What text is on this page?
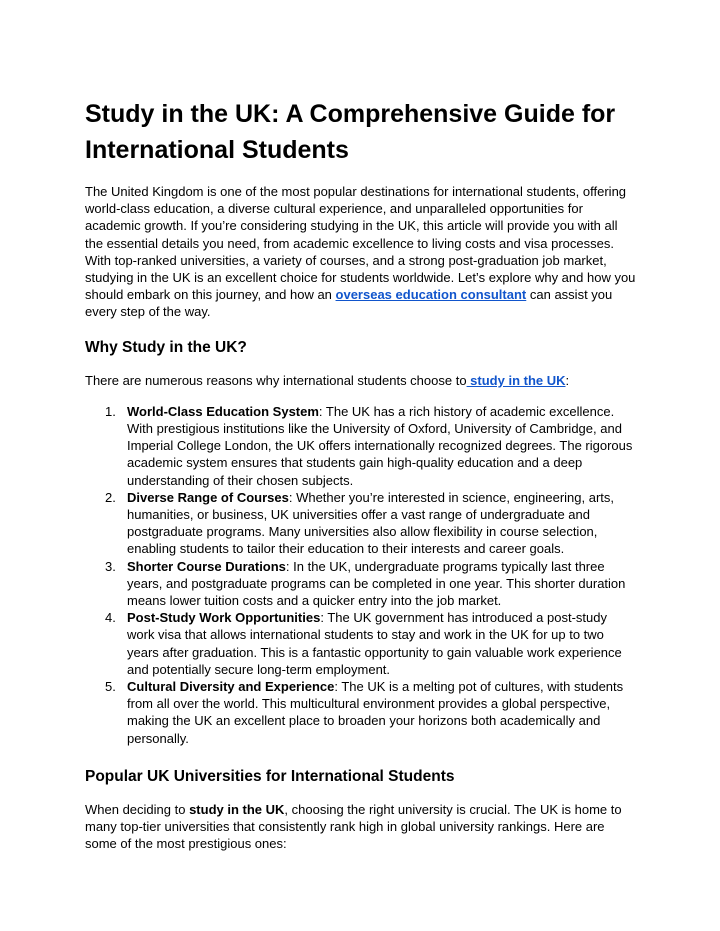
Study in the UK: A Comprehensive Guide for International Students

The United Kingdom is one of the most popular destinations for international students, offering world-class education, a diverse cultural experience, and unparalleled opportunities for academic growth. If you’re considering studying in the UK, this article will provide you with all the essential details you need, from academic excellence to living costs and visa processes. With top-ranked universities, a variety of courses, and a strong post-graduation job market, studying in the UK is an excellent choice for students worldwide. Let’s explore why and how you should embark on this journey, and how an overseas education consultant can assist you every step of the way.

Why Study in the UK?

There are numerous reasons why international students choose to study in the UK:

1. World-Class Education System: The UK has a rich history of academic excellence. With prestigious institutions like the University of Oxford, University of Cambridge, and Imperial College London, the UK offers internationally recognized degrees. The rigorous academic system ensures that students gain high-quality education and a deep understanding of their chosen subjects.
2. Diverse Range of Courses: Whether you’re interested in science, engineering, arts, humanities, or business, UK universities offer a vast range of undergraduate and postgraduate programs. Many universities also allow flexibility in course selection, enabling students to tailor their education to their interests and career goals.
3. Shorter Course Durations: In the UK, undergraduate programs typically last three years, and postgraduate programs can be completed in one year. This shorter duration means lower tuition costs and a quicker entry into the job market.
4. Post-Study Work Opportunities: The UK government has introduced a post-study work visa that allows international students to stay and work in the UK for up to two years after graduation. This is a fantastic opportunity to gain valuable work experience and potentially secure long-term employment.
5. Cultural Diversity and Experience: The UK is a melting pot of cultures, with students from all over the world. This multicultural environment provides a global perspective, making the UK an excellent place to broaden your horizons both academically and personally.
Popular UK Universities for International Students

When deciding to study in the UK, choosing the right university is crucial. The UK is home to many top-tier universities that consistently rank high in global university rankings. Here are some of the most prestigious ones:
